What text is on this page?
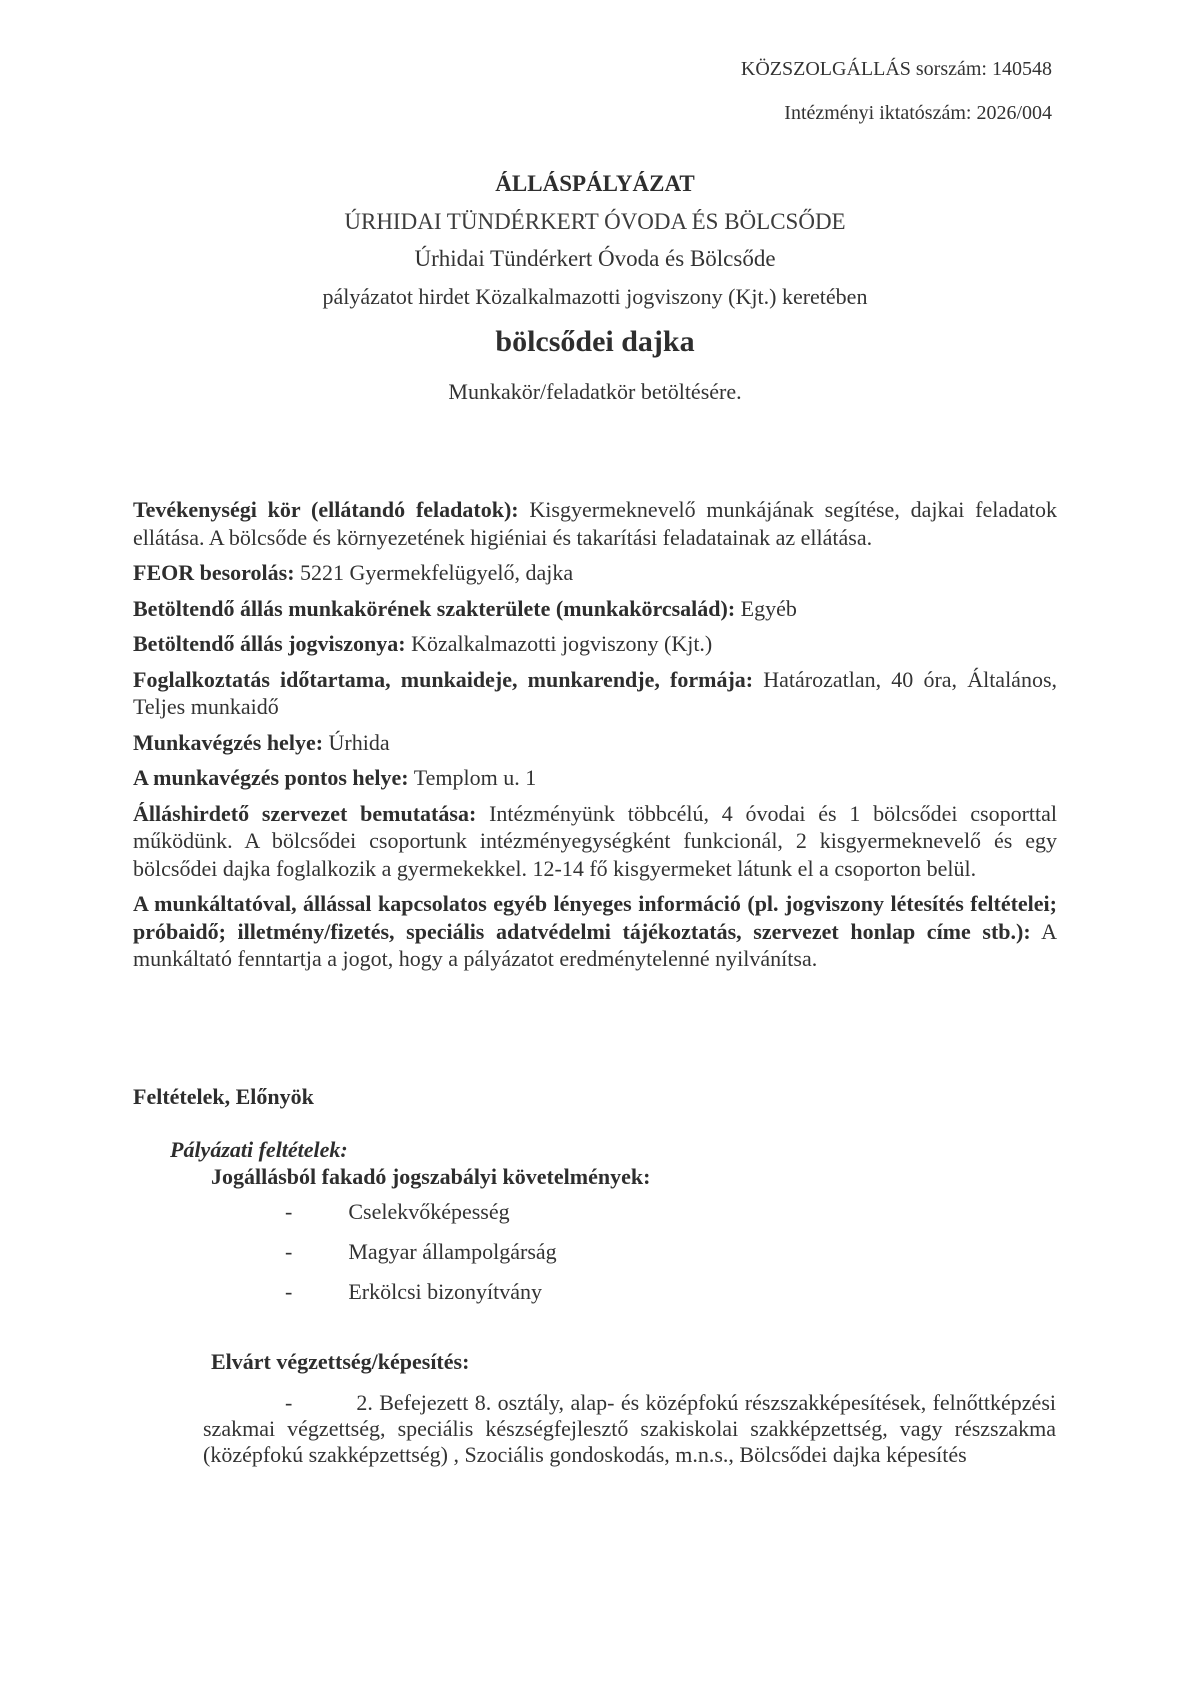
KÖZSZOLGÁLLÁS sorszám: 140548
Intézményi iktatószám: 2026/004
ÁLLÁSPÁLYÁZAT
ÚRHIDAI TÜNDÉRKERT ÓVODA ÉS BÖLCSŐDE
Úrhidai Tündérkert Óvoda és Bölcsőde
pályázatot hirdet Közalkalmazotti jogviszony (Kjt.) keretében
bölcsődei dajka
Munkakör/feladatkör betöltésére.

Tevékenységi kör (ellátandó feladatok): Kisgyermeknevelő munkájának segítése, dajkai feladatok ellátása. A bölcsőde és környezetének higiéniai és takarítási feladatainak az ellátása.

FEOR besorolás: 5221 Gyermekfelügyelő, dajka

Betöltendő állás munkakörének szakterülete (munkakörcsalád): Egyéb

Betöltendő állás jogviszonya: Közalkalmazotti jogviszony (Kjt.)

Foglalkoztatás időtartama, munkaideje, munkarendje, formája: Határozatlan, 40 óra, Általános, Teljes munkaidő

Munkavégzés helye: Úrhida

A munkavégzés pontos helye: Templom u. 1

Álláshirdető szervezet bemutatása: Intézményünk többcélú, 4 óvodai és 1 bölcsődei csoporttal működünk. A bölcsődei csoportunk intézményegységként funkcionál, 2 kisgyermeknevelő és egy bölcsődei dajka foglalkozik a gyermekekkel. 12-14 fő kisgyermeket látunk el a csoporton belül.

A munkáltatóval, állással kapcsolatos egyéb lényeges információ (pl. jogviszony létesítés feltételei; próbaidő; illetmény/fizetés, speciális adatvédelmi tájékoztatás, szervezet honlap címe stb.): A munkáltató fenntartja a jogot, hogy a pályázatot eredménytelenné nyilvánítsa.

Feltételek, Előnyök
Pályázati feltételek:
Jogállásból fakadó jogszabályi követelmények:
-	Cselekvőképesség
-	Magyar állampolgárság
-	Erkölcsi bizonyítvány
Elvárt végzettség/képesítés:
-	2. Befejezett 8. osztály, alap- és középfokú részszakképesítések, felnőttképzési szakmai végzettség, speciális készségfejlesztő szakiskolai szakképzettség, vagy részszakma (középfokú szakképzettség) , Szociális gondoskodás, m.n.s., Bölcsődei dajka képesítés
